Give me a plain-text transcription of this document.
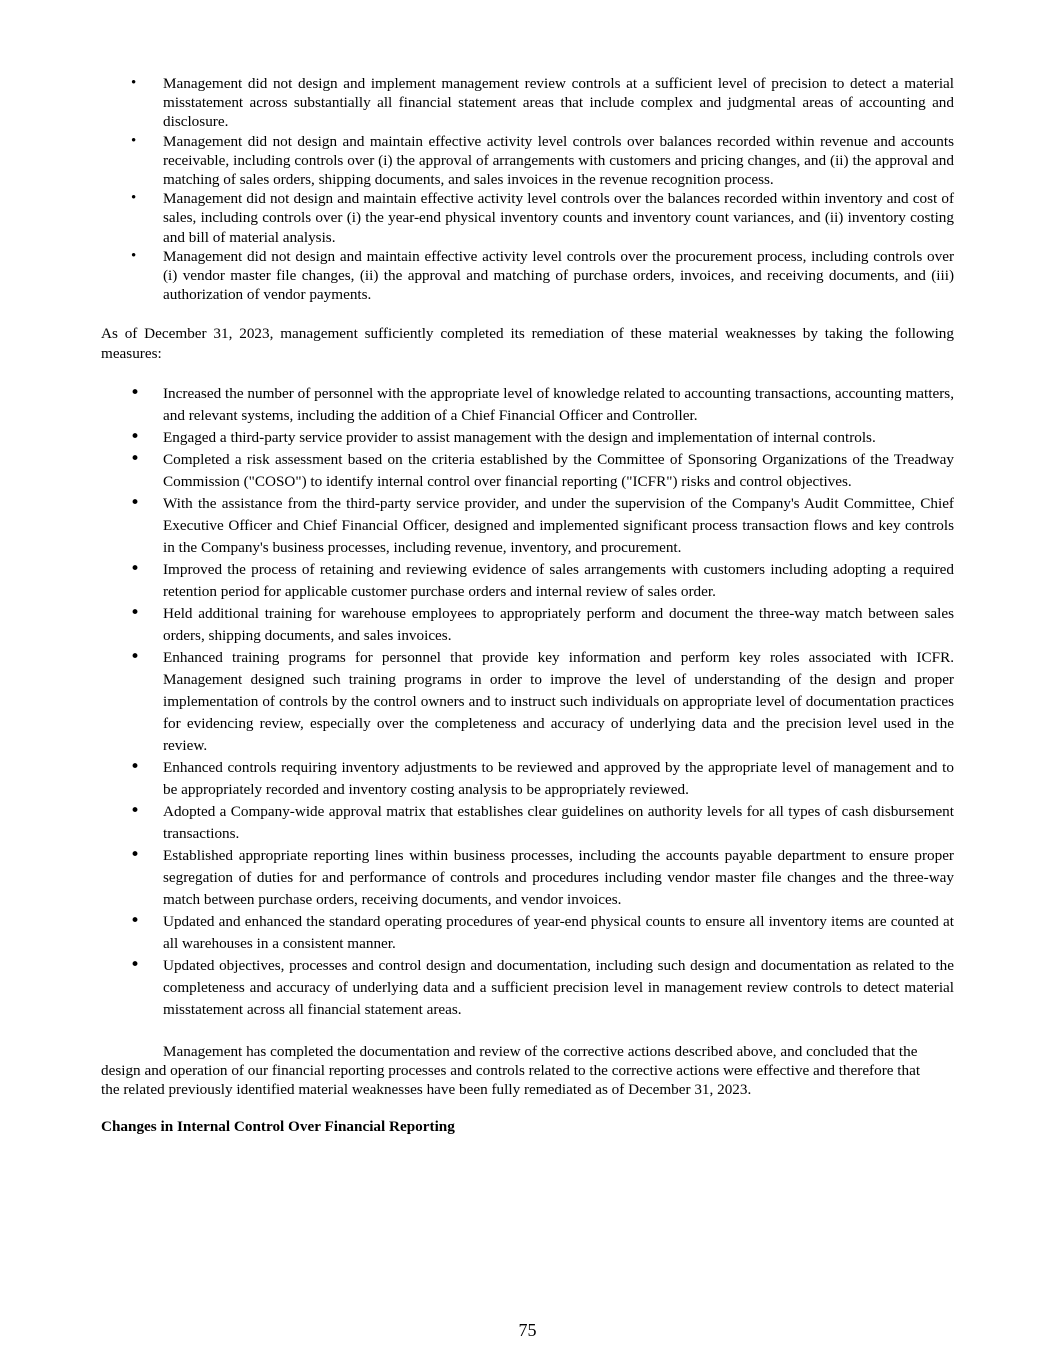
• Management did not design and implement management review controls at a sufficient level of precision to detect a material misstatement across substantially all financial statement areas that include complex and judgmental areas of accounting and disclosure.
• Management did not design and maintain effective activity level controls over balances recorded within revenue and accounts receivable, including controls over (i) the approval of arrangements with customers and pricing changes, and (ii) the approval and matching of sales orders, shipping documents, and sales invoices in the revenue recognition process.
• Management did not design and maintain effective activity level controls over the balances recorded within inventory and cost of sales, including controls over (i) the year-end physical inventory counts and inventory count variances, and (ii) inventory costing and bill of material analysis.
• Management did not design and maintain effective activity level controls over the procurement process, including controls over (i) vendor master file changes, (ii) the approval and matching of purchase orders, invoices, and receiving documents, and (iii) authorization of vendor payments.

As of December 31, 2023, management sufficiently completed its remediation of these material weaknesses by taking the following measures:

• Increased the number of personnel with the appropriate level of knowledge related to accounting transactions, accounting matters, and relevant systems, including the addition of a Chief Financial Officer and Controller.
• Engaged a third-party service provider to assist management with the design and implementation of internal controls.
• Completed a risk assessment based on the criteria established by the Committee of Sponsoring Organizations of the Treadway Commission ("COSO") to identify internal control over financial reporting ("ICFR") risks and control objectives.
• With the assistance from the third-party service provider, and under the supervision of the Company's Audit Committee, Chief Executive Officer and Chief Financial Officer, designed and implemented significant process transaction flows and key controls in the Company's business processes, including revenue, inventory, and procurement.
• Improved the process of retaining and reviewing evidence of sales arrangements with customers including adopting a required retention period for applicable customer purchase orders and internal review of sales order.
• Held additional training for warehouse employees to appropriately perform and document the three-way match between sales orders, shipping documents, and sales invoices.
• Enhanced training programs for personnel that provide key information and perform key roles associated with ICFR. Management designed such training programs in order to improve the level of understanding of the design and proper implementation of controls by the control owners and to instruct such individuals on appropriate level of documentation practices for evidencing review, especially over the completeness and accuracy of underlying data and the precision level used in the review.
• Enhanced controls requiring inventory adjustments to be reviewed and approved by the appropriate level of management and to be appropriately recorded and inventory costing analysis to be appropriately reviewed.
• Adopted a Company-wide approval matrix that establishes clear guidelines on authority levels for all types of cash disbursement transactions.
• Established appropriate reporting lines within business processes, including the accounts payable department to ensure proper segregation of duties for and performance of controls and procedures including vendor master file changes and the three-way match between purchase orders, receiving documents, and vendor invoices.
• Updated and enhanced the standard operating procedures of year-end physical counts to ensure all inventory items are counted at all warehouses in a consistent manner.
• Updated objectives, processes and control design and documentation, including such design and documentation as related to the completeness and accuracy of underlying data and a sufficient precision level in management review controls to detect material misstatement across all financial statement areas.

Management has completed the documentation and review of the corrective actions described above, and concluded that the design and operation of our financial reporting processes and controls related to the corrective actions were effective and therefore that the related previously identified material weaknesses have been fully remediated as of December 31, 2023.

Changes in Internal Control Over Financial Reporting
75
